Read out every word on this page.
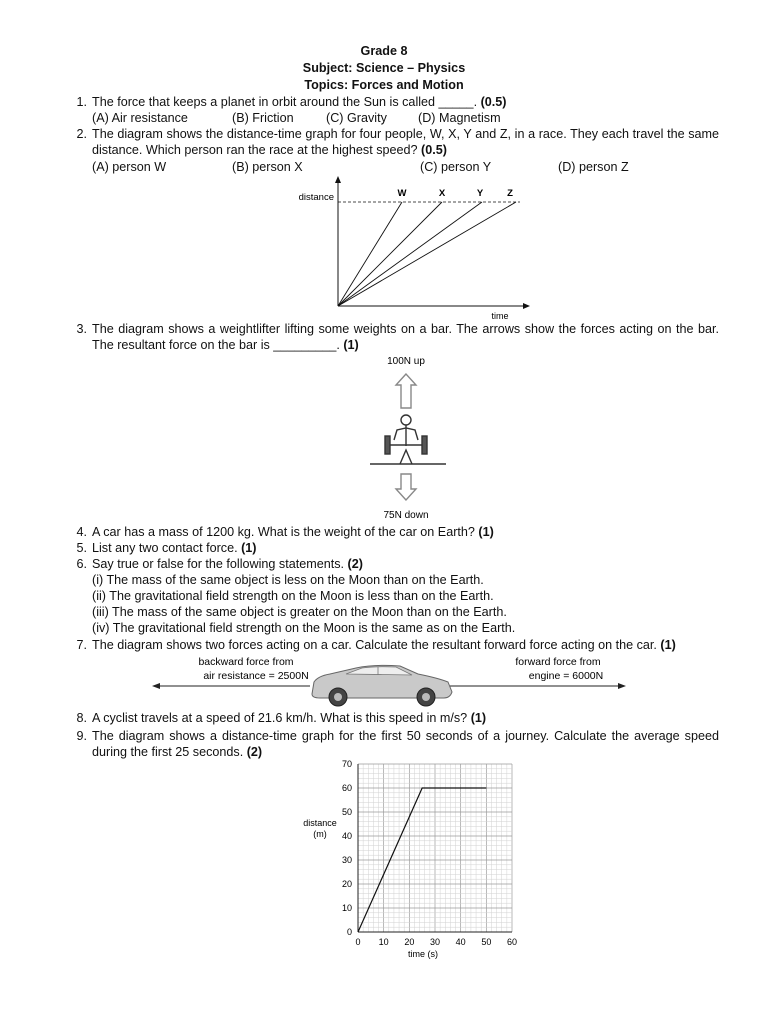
Grade 8
Subject: Science – Physics
Topics: Forces and Motion
1. The force that keeps a planet in orbit around the Sun is called _____. (0.5)
(A) Air resistance	(B) Friction	(C) Gravity (D) Magnetism
2. The diagram shows the distance-time graph for four people, W, X, Y and Z, in a race. They each travel the same distance. Which person ran the race at the highest speed? (0.5)
(A) person W	(B) person X	(C) person Y	(D) person Z
distance
time
W	X	Y	Z
3. The diagram shows a weightlifter lifting some weights on a bar. The arrows show the forces acting on the bar. The resultant force on the bar is _________. (1)
100N up
75N down
4. A car has a mass of 1200 kg. What is the weight of the car on Earth? (1)
5. List any two contact force. (1)
6. Say true or false for the following statements. (2)
(i) The mass of the same object is less on the Moon than on the Earth.
(ii) The gravitational field strength on the Moon is less than on the Earth.
(iii) The mass of the same object is greater on the Moon than on the Earth.
(iv) The gravitational field strength on the Moon is the same as on the Earth.
7. The diagram shows two forces acting on a car. Calculate the resultant forward force acting on the car. (1)
backward force from
air resistance = 2500N
forward force from
engine = 6000N
8. A cyclist travels at a speed of 21.6 km/h. What is this speed in m/s? (1)
9. The diagram shows a distance-time graph for the first 50 seconds of a journey. Calculate the average speed during the first 25 seconds. (2)
0 10 20 30 40 50 60
0
10
20
30
40
50
60
70
distance
(m)
time (s)
